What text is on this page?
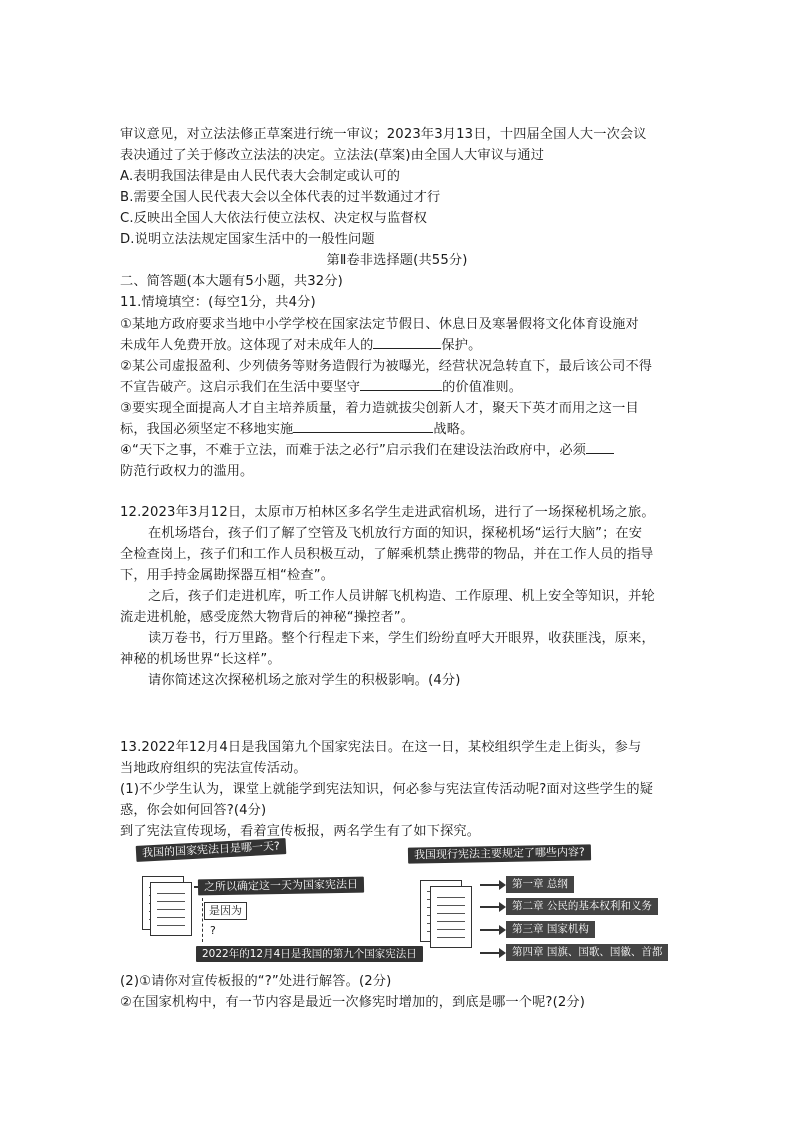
审议意见，对立法法修正草案进行统一审议；2023年3月13日，十四届全国人大一次会议
表决通过了关于修改立法法的决定。立法法(草案)由全国人大审议与通过
A.表明我国法律是由人民代表大会制定或认可的
B.需要全国人民代表大会以全体代表的过半数通过才行
C.反映出全国人大依法行使立法权、决定权与监督权
D.说明立法法规定国家生活中的一般性问题
第Ⅱ卷非选择题(共55分)
二、简答题(本大题有5小题，共32分)
11.情境填空：(每空1分，共4分)
①某地方政府要求当地中小学学校在国家法定节假日、休息日及寒暑假将文化体育设施对
未成年人免费开放。这体现了对未成年人的	保护。
②某公司虚报盈利、少列债务等财务造假行为被曝光，经营状况急转直下，最后该公司不得
不宣告破产。这启示我们在生活中要坚守	的价值准则。
③要实现全面提高人才自主培养质量，着力造就拔尖创新人才，聚天下英才而用之这一目
标，我国必须坚定不移地实施	战略。
④“天下之事，不难于立法，而难于法之必行”启示我们在建设法治政府中，必须
防范行政权力的滥用。
12.2023年3月12日，太原市万柏林区多名学生走进武宿机场，进行了一场探秘机场之旅。
在机场塔台，孩子们了解了空管及飞机放行方面的知识，探秘机场“运行大脑”；在安
全检查岗上，孩子们和工作人员积极互动，了解乘机禁止携带的物品，并在工作人员的指导
下，用手持金属勘探器互相“检查”。
之后，孩子们走进机库，听工作人员讲解飞机构造、工作原理、机上安全等知识，并轮
流走进机舱，感受庞然大物背后的神秘“操控者”。
读万卷书，行万里路。整个行程走下来，学生们纷纷直呼大开眼界，收获匪浅，原来，
神秘的机场世界“长这样”。
请你简述这次探秘机场之旅对学生的积极影响。(4分)
13.2022年12月4日是我国第九个国家宪法日。在这一日，某校组织学生走上街头，参与
当地政府组织的宪法宣传活动。
(1)不少学生认为，课堂上就能学到宪法知识，何必参与宪法宣传活动呢?面对这些学生的疑
惑，你会如何回答?(4分)
到了宪法宣传现场，看着宣传板报，两名学生有了如下探究。
我国的国家宪法日是哪一天?
之所以确定这一天为国家宪法日
是因为
?
2022年的12月4日是我国的第九个国家宪法日
我国现行宪法主要规定了哪些内容?
第一章 总纲
第二章 公民的基本权利和义务
第三章 国家机构
第四章 国旗、国歌、国徽、首都
(2)①请你对宣传板报的“?”处进行解答。(2分)
②在国家机构中，有一节内容是最近一次修宪时增加的，到底是哪一个呢?(2分)
